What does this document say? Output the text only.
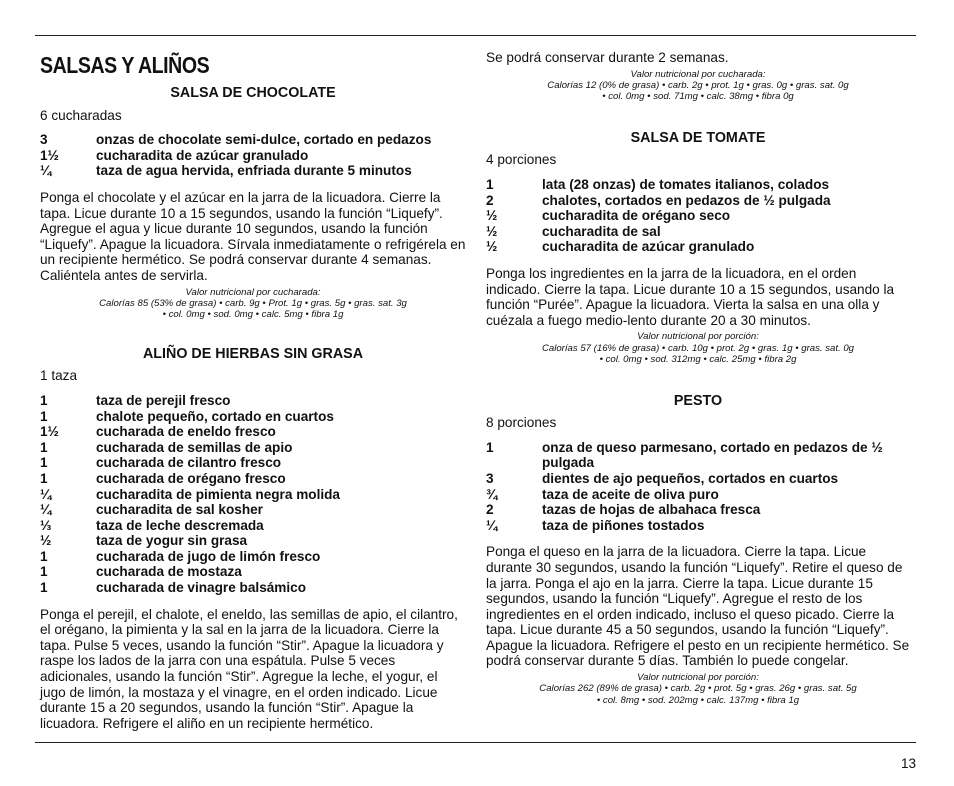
SALSAS Y ALIÑOS
SALSA DE CHOCOLATE
6 cucharadas
3	onzas de chocolate semi-dulce, cortado en pedazos
1½	cucharadita de azúcar granulado
¼	taza de agua hervida, enfriada durante 5 minutos
Ponga el chocolate y el azúcar en la jarra de la licuadora. Cierre la tapa. Licue durante 10 a 15 segundos, usando la función “Liquefy”. Agregue el agua y licue durante 10 segundos, usando la función “Liquefy”. Apague la licuadora. Sírvala inmediatamente o refrigérela en un recipiente hermético. Se podrá conservar durante 4 semanas. Caliéntela antes de servirla.
Valor nutricional por cucharada:
Calorías 85 (53% de grasa) • carb. 9g • Prot. 1g • gras. 5g • gras. sat. 3g
• col. 0mg • sod. 0mg • calc. 5mg • fibra 1g
ALIÑO DE HIERBAS SIN GRASA
1 taza
1	taza de perejil fresco
1	chalote pequeño, cortado en cuartos
1½	cucharada de eneldo fresco
1	cucharada de semillas de apio
1	cucharada de cilantro fresco
1	cucharada de orégano fresco
¼	cucharadita de pimienta negra molida
¼	cucharadita de sal kosher
⅓	taza de leche descremada
½	taza de yogur sin grasa
1	cucharada de jugo de limón fresco
1	cucharada de mostaza
1	cucharada de vinagre balsámico
Ponga el perejil, el chalote, el eneldo, las semillas de apio, el cilantro, el orégano, la pimienta y la sal en la jarra de la licuadora. Cierre la tapa. Pulse 5 veces, usando la función “Stir”. Apague la licuadora y raspe los lados de la jarra con una espátula. Pulse 5 veces adicionales, usando la función “Stir”. Agregue la leche, el yogur, el jugo de limón, la mostaza y el vinagre, en el orden indicado. Licue durante 15 a 20 segundos, usando la función “Stir”. Apague la licuadora. Refrigere el aliño en un recipiente hermético.
Se podrá conservar durante 2 semanas.
Valor nutricional por cucharada:
Calorías 12 (0% de grasa) • carb. 2g • prot. 1g • gras. 0g • gras. sat. 0g
• col. 0mg • sod. 71mg • calc. 38mg • fibra 0g
SALSA DE TOMATE
4 porciones
1	lata (28 onzas) de tomates italianos, colados
2	chalotes, cortados en pedazos de ½ pulgada
½	cucharadita de orégano seco
½	cucharadita de sal
½	cucharadita de azúcar granulado
Ponga los ingredientes en la jarra de la licuadora, en el orden indicado. Cierre la tapa. Licue durante 10 a 15 segundos, usando la función “Purée”. Apague la licuadora. Vierta la salsa en una olla y cuézala a fuego medio-lento durante 20 a 30 minutos.
Valor nutricional por porción:
Calorías 57 (16% de grasa) • carb. 10g • prot. 2g • gras. 1g • gras. sat. 0g
• col. 0mg • sod. 312mg • calc. 25mg • fibra 2g
PESTO
8 porciones
1	onza de queso parmesano, cortado en pedazos de ½ pulgada
3	dientes de ajo pequeños, cortados en cuartos
¾	taza de aceite de oliva puro
2	tazas de hojas de albahaca fresca
¼	taza de piñones tostados
Ponga el queso en la jarra de la licuadora. Cierre la tapa. Licue durante 30 segundos, usando la función “Liquefy”. Retire el queso de la jarra. Ponga el ajo en la jarra. Cierre la tapa. Licue durante 15 segundos, usando la función “Liquefy”. Agregue el resto de los ingredientes en el orden indicado, incluso el queso picado. Cierre la tapa. Licue durante 45 a 50 segundos, usando la función “Liquefy”. Apague la licuadora. Refrigere el pesto en un recipiente hermético. Se podrá conservar durante 5 días. También lo puede congelar.
Valor nutricional por porción:
Calorías 262 (89% de grasa) • carb. 2g • prot. 5g • gras. 26g • gras. sat. 5g
• col. 8mg • sod. 202mg • calc. 137mg • fibra 1g
13
